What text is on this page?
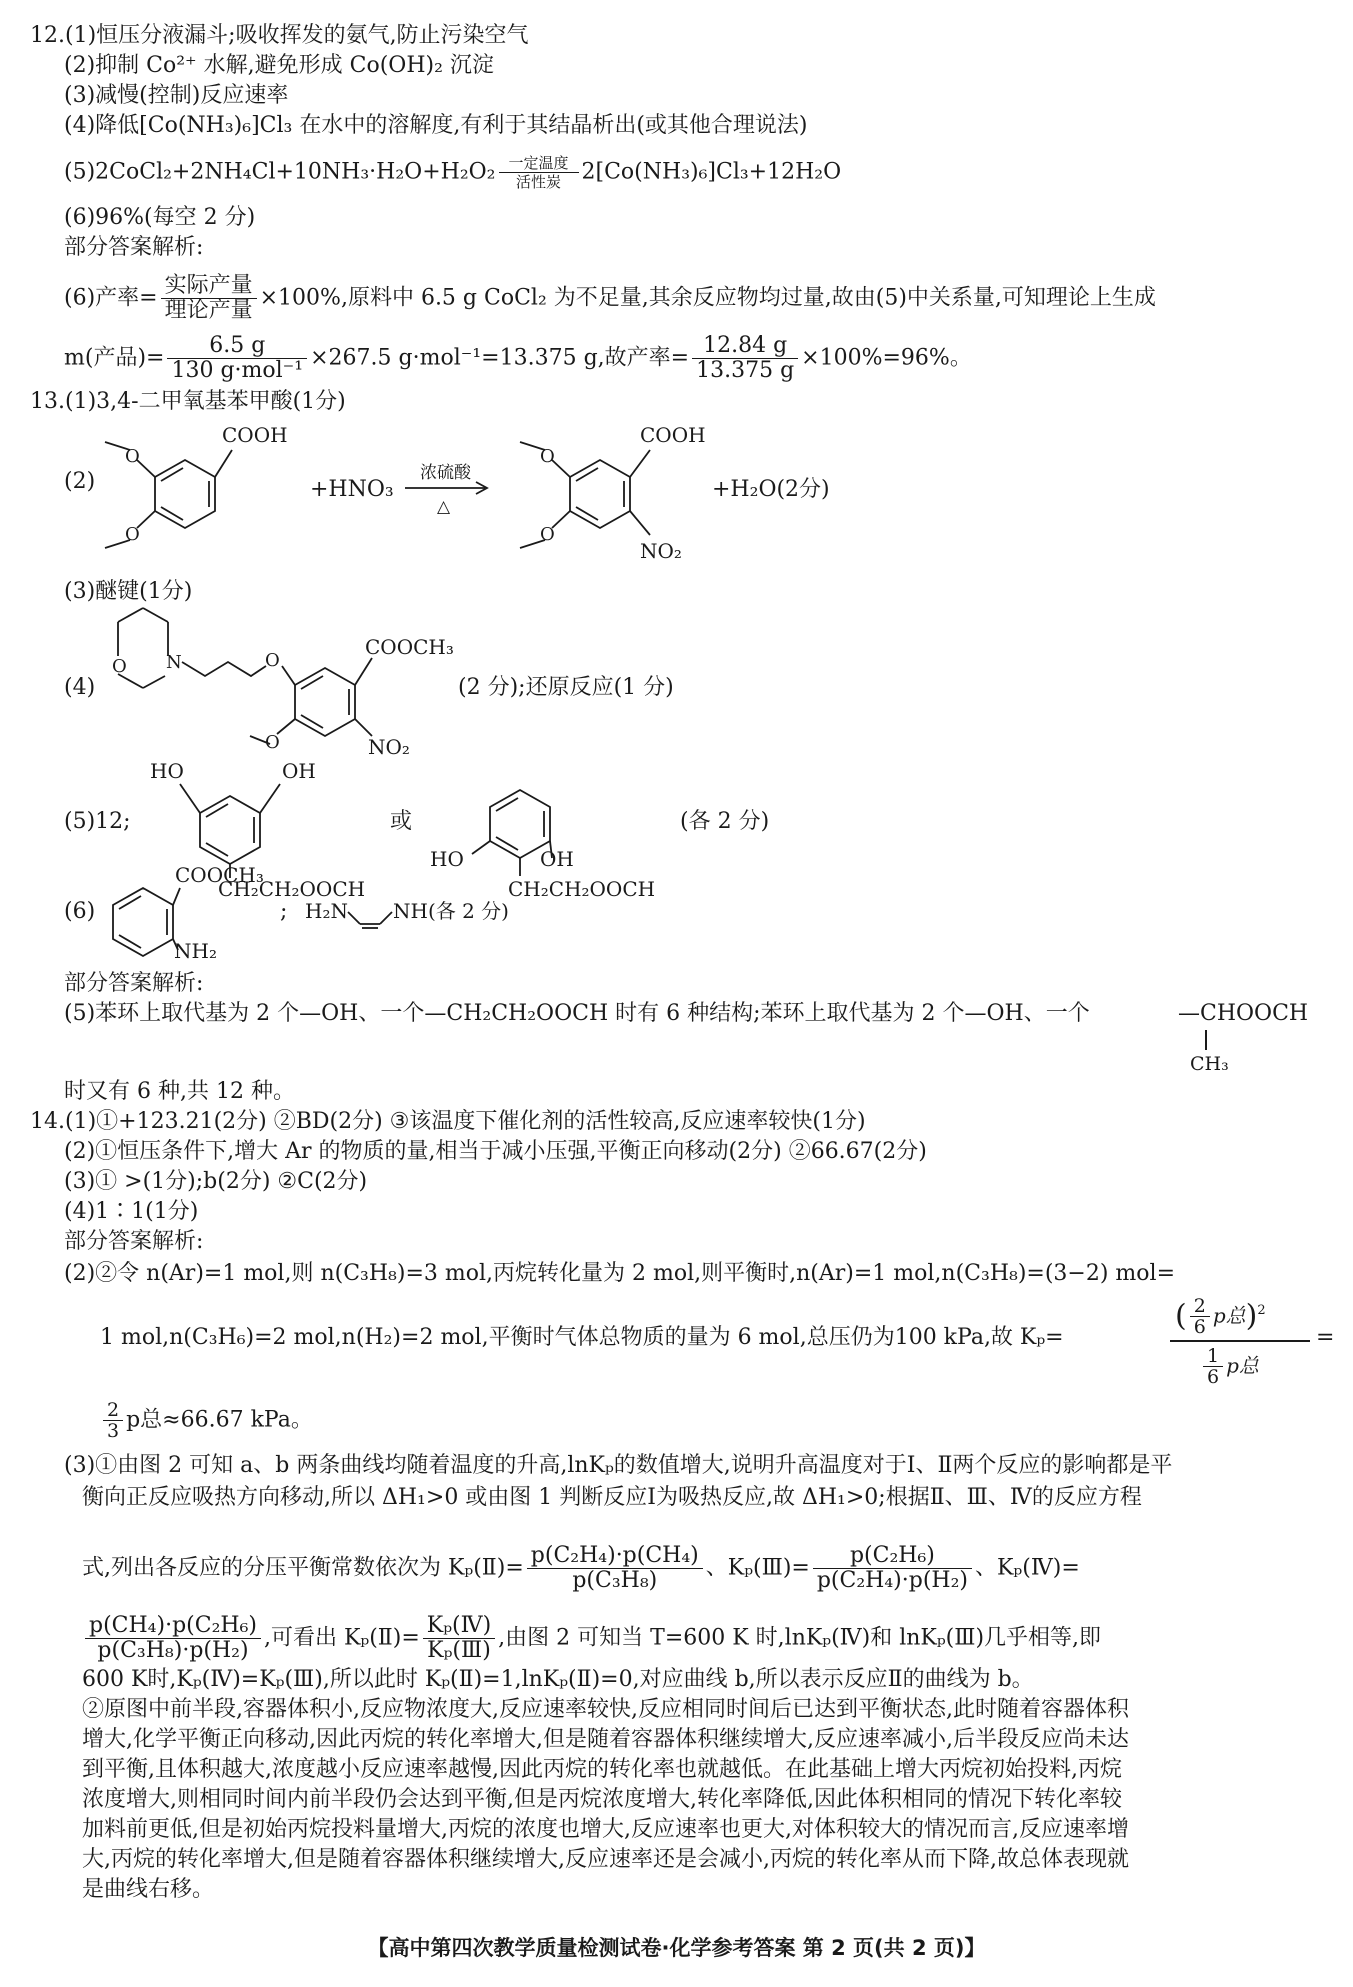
12.(1)恒压分液漏斗;吸收挥发的氨气,防止污染空气
(2)抑制 Co²⁺ 水解,避免形成 Co(OH)₂ 沉淀
(3)减慢(控制)反应速率
(4)降低[Co(NH₃)₆]Cl₃ 在水中的溶解度,有利于其结晶析出(或其他合理说法)
(5)2CoCl₂+2NH₄Cl+10NH₃·H₂O+H₂O₂ $\frac{\text{一定温度}}{\text{活性炭}} 2[Co(NH_3)_6]Cl_3+12H_2O$
(6)96%(每空 2 分)
部分答案解析:
(6)产率= $\frac{\text{实际产量}}{\text{理论产量}} \times 100\%$,原料中 6.5 g CoCl₂ 为不足量,其余反应物均过量,故由(5)中关系量,可知理论上生成
m(产品)= $\frac{6.5 g}{\text{130 g·mol⁻¹}} \times 267.5$ g·mol⁻¹=13.375 g,故产率= $\frac{12.84 g}{13.375 g} \times 100\%=96\%$。
13.(1)3,4-二甲氧基苯甲酸(1分)
(2)
COOH
O
O
+HNO₃
浓硫酸
△
COOH
NO₂
O
O
+H₂O(2分)
(3)醚键(1分)
(4)
O N	O
COOCH₃
NO₂
O
(2 分);还原反应(1 分)
(5)12;
HO	OH
CH₂CH₂OOCH
或
HO	OH
CH₂CH₂OOCH
(各 2 分)
(6)
COOCH₃
NH₂
; H₂N NH(各 2 分)
部分答案解析:
(5)苯环上取代基为 2 个—OH、一个—CH₂CH₂OOCH 时有 6 种结构;苯环上取代基为 2 个—OH、一个	—CHOOCH
CH₃
时又有 6 种,共 12 种。
14.(1)①+123.21(2分) ②BD(2分) ③该温度下催化剂的活性较高,反应速率较快(1分)
(2)①恒压条件下,增大 Ar 的物质的量,相当于减小压强,平衡正向移动(2分) ②66.67(2分)
(3)① >(1分);b(2分) ②C(2分)
(4)1∶1(1分)
部分答案解析:
(2)②令 n(Ar)=1 mol,则 n(C₃H₈)=3 mol,丙烷转化量为 2 mol,则平衡时,n(Ar)=1 mol,n(C₃H₈)=(3−2) mol=
1 mol,n(C₃H₆)=2 mol,n(H₂)=2 mol,平衡时气体总物质的量为 6 mol,总压仍为100 kPa,故 Kₚ=
( $\frac{2}{6}$ p总)$^2$
$\frac{1}{6}$ p总
=
$\frac{2}{3}$ p总≈66.67 kPa。
(3)①由图 2 可知 a、b 两条曲线均随着温度的升高,lnKₚ的数值增大,说明升高温度对于Ⅰ、Ⅱ两个反应的影响都是平
衡向正反应吸热方向移动,所以 ΔH₁>0 或由图 1 判断反应Ⅰ为吸热反应,故 ΔH₁>0;根据Ⅱ、Ⅲ、Ⅳ的反应方程
式,列出各反应的分压平衡常数依次为 Kₚ(Ⅱ)= $\frac{\text{p(C₂H₄)·p(CH₄)}}{\text{p(C₃H₈)}}$ 、Kₚ(Ⅲ)= $\frac{\text{p(C₂H₆)}}{\text{p(C₂H₄)·p(H₂)}}$ 、Kₚ(Ⅳ)=
$\frac{\text{p(CH₄)·p(C₂H₆)}}{\text{p(C₃H₈)·p(H₂)}}$ ,可看出 Kₚ(Ⅱ)= $\frac{\text{Kₚ(Ⅳ)}}{\text{Kₚ(Ⅲ)}}$ ,由图 2 可知当 T=600 K 时,lnKₚ(Ⅳ)和 lnKₚ(Ⅲ)几乎相等,即
600 K时,Kₚ(Ⅳ)=Kₚ(Ⅲ),所以此时 Kₚ(Ⅱ)=1,lnKₚ(Ⅱ)=0,对应曲线 b,所以表示反应Ⅱ的曲线为 b。
②原图中前半段,容器体积小,反应物浓度大,反应速率较快,反应相同时间后已达到平衡状态,此时随着容器体积
增大,化学平衡正向移动,因此丙烷的转化率增大,但是随着容器体积继续增大,反应速率减小,后半段反应尚未达
到平衡,且体积越大,浓度越小反应速率越慢,因此丙烷的转化率也就越低。在此基础上增大丙烷初始投料,丙烷
浓度增大,则相同时间内前半段仍会达到平衡,但是丙烷浓度增大,转化率降低,因此体积相同的情况下转化率较
加料前更低,但是初始丙烷投料量增大,丙烷的浓度也增大,反应速率也更大,对体积较大的情况而言,反应速率增
大,丙烷的转化率增大,但是随着容器体积继续增大,反应速率还是会减小,丙烷的转化率从而下降,故总体表现就
是曲线右移。
【高中第四次教学质量检测试卷·化学参考答案 第 2 页(共 2 页)】
